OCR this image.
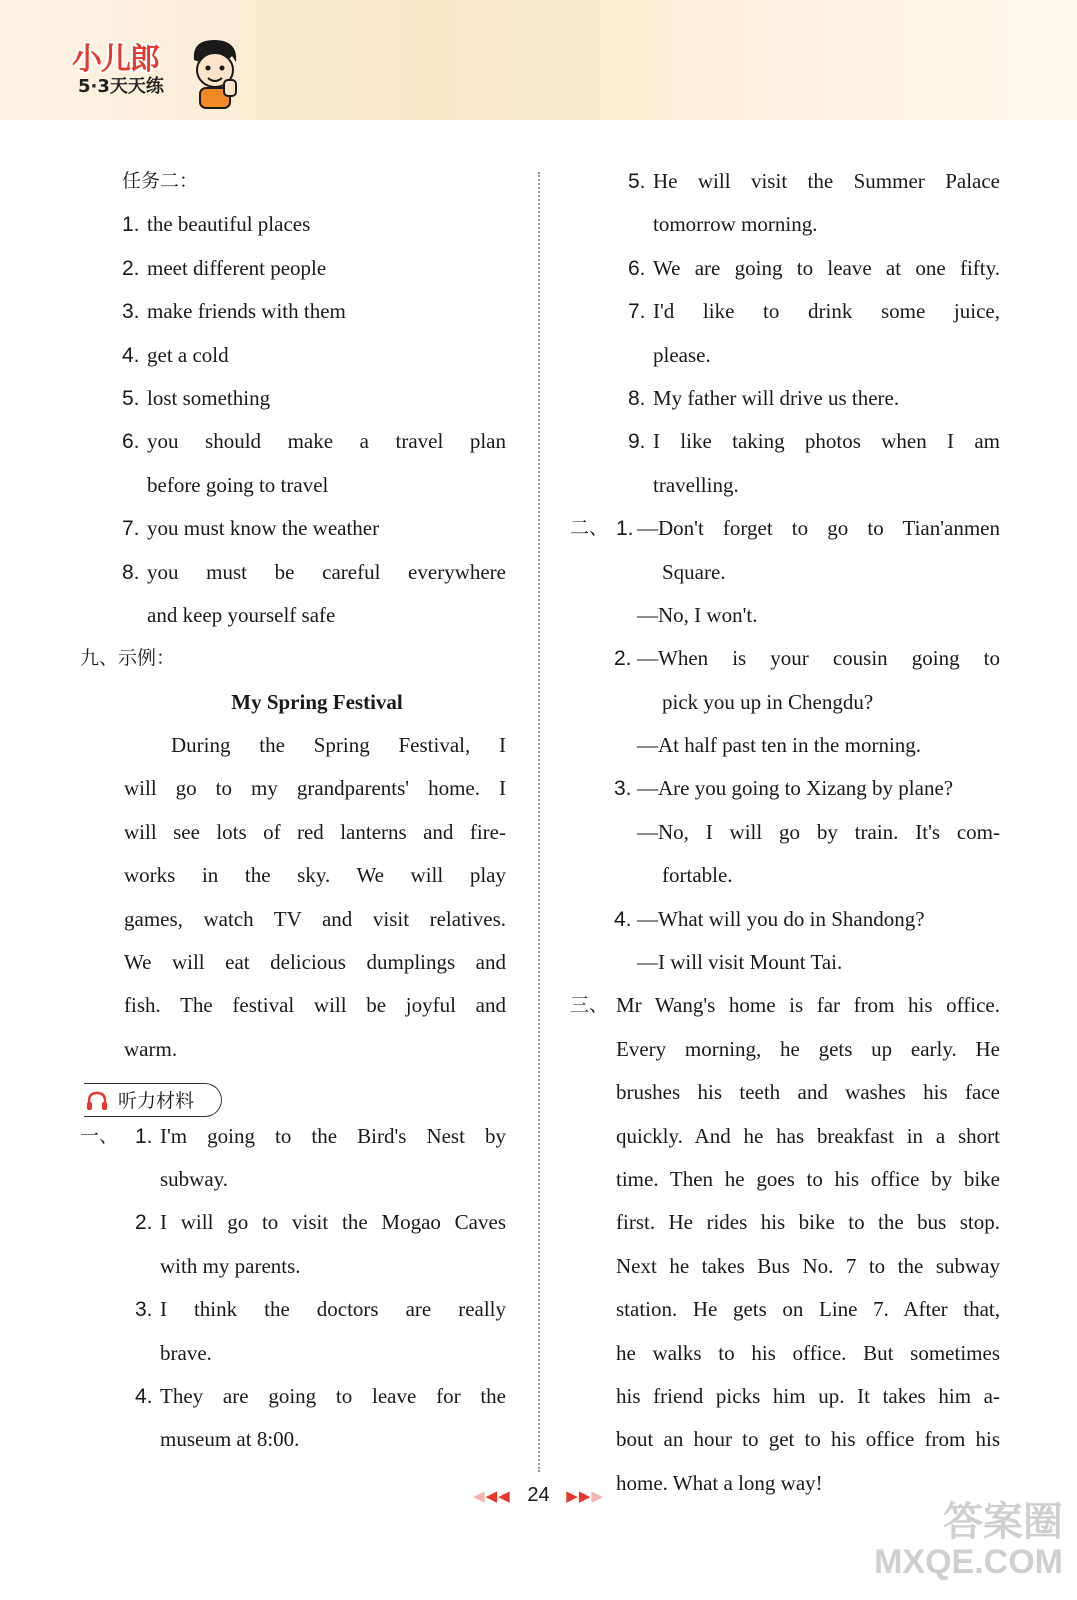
小儿郎
5·3天天练
任务二：
1. the beautiful places
2. meet different people
3. make friends with them
4. get a cold
5. lost something
6. you should make a travel plan
before going to travel
7. you must know the weather
8. you must be careful everywhere
and keep yourself safe
九、示例：
My Spring Festival
During the Spring Festival, I
will go to my grandparents' home. I
will see lots of red lanterns and fire-
works in the sky. We will play
games, watch TV and visit relatives.
We will eat delicious dumplings and
fish. The festival will be joyful and
warm.
一、 1. I'm going to the Bird's Nest by
subway.
2. I will go to visit the Mogao Caves
with my parents.
3. I think the doctors are really
brave.
4. They are going to leave for the
museum at 8:00.
听力材料
5. He will visit the Summer Palace
tomorrow morning.
6. We are going to leave at one fifty.
7. I'd like to drink some juice,
please.
8. My father will drive us there.
9. I like taking photos when I am
travelling.
二、 1. —Don't forget to go to Tian'anmen
Square.
—No, I won't.
2. —When is your cousin going to
pick you up in Chengdu?
—At half past ten in the morning.
3. —Are you going to Xizang by plane?
—No, I will go by train. It's com-
fortable.
4. —What will you do in Shandong?
—I will visit Mount Tai.
三、 Mr Wang's home is far from his office.
Every morning, he gets up early. He
brushes his teeth and washes his face
quickly. And he has breakfast in a short
time. Then he goes to his office by bike
first. He rides his bike to the bus stop.
Next he takes Bus No. 7 to the subway
station. He gets on Line 7. After that,
he walks to his office. But sometimes
his friend picks him up. It takes him a-
bout an hour to get to his office from his
home. What a long way!
◀◀◀ 24 ▶▶▶
答案圈
MXQE.COM
